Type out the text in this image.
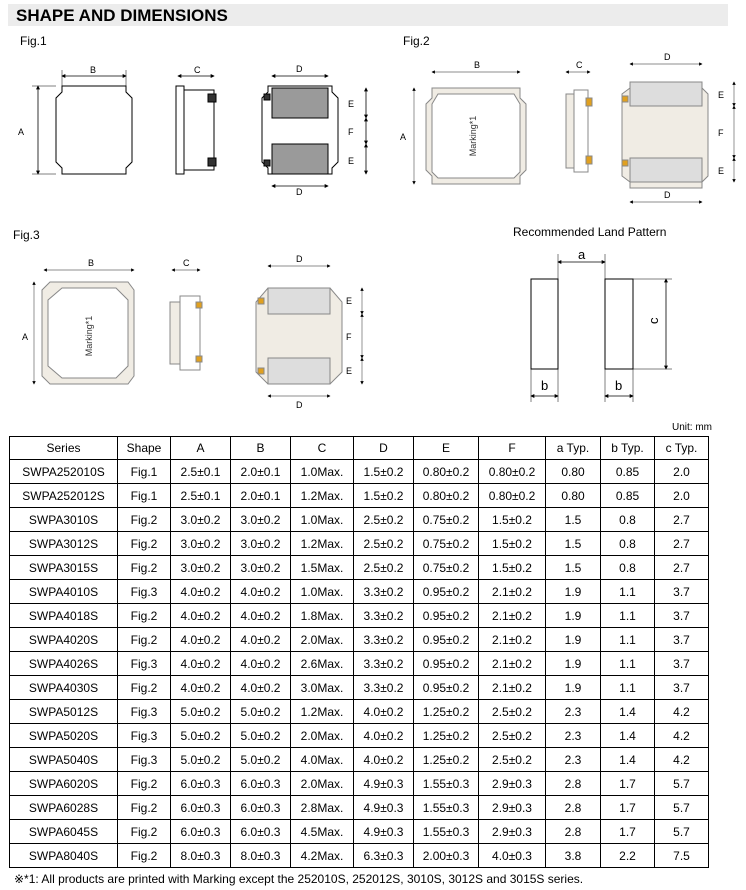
SHAPE AND DIMENSIONS
Fig.1	Fig.2
Fig.3	Recommended Land Pattern
B
A
C	D
D
E
F
E
Marking*1
B
A
C
D
D
E
F
E
Marking*1
B
A
C	D
D
E
F
E
a
c
b	b
Unit: mm
Series	Shape	A	B	C	D	E	F	a Typ.	b Typ.	c Typ.
SWPA252010S	Fig.1	2.5±0.1	2.0±0.1	1.0Max.	1.5±0.2	0.80±0.2	0.80±0.2	0.80	0.85	2.0
SWPA252012S	Fig.1	2.5±0.1	2.0±0.1	1.2Max.	1.5±0.2	0.80±0.2	0.80±0.2	0.80	0.85	2.0
SWPA3010S	Fig.2	3.0±0.2	3.0±0.2	1.0Max.	2.5±0.2	0.75±0.2	1.5±0.2	1.5	0.8	2.7
SWPA3012S	Fig.2	3.0±0.2	3.0±0.2	1.2Max.	2.5±0.2	0.75±0.2	1.5±0.2	1.5	0.8	2.7
SWPA3015S	Fig.2	3.0±0.2	3.0±0.2	1.5Max.	2.5±0.2	0.75±0.2	1.5±0.2	1.5	0.8	2.7
SWPA4010S	Fig.3	4.0±0.2	4.0±0.2	1.0Max.	3.3±0.2	0.95±0.2	2.1±0.2	1.9	1.1	3.7
SWPA4018S	Fig.2	4.0±0.2	4.0±0.2	1.8Max.	3.3±0.2	0.95±0.2	2.1±0.2	1.9	1.1	3.7
SWPA4020S	Fig.2	4.0±0.2	4.0±0.2	2.0Max.	3.3±0.2	0.95±0.2	2.1±0.2	1.9	1.1	3.7
SWPA4026S	Fig.3	4.0±0.2	4.0±0.2	2.6Max.	3.3±0.2	0.95±0.2	2.1±0.2	1.9	1.1	3.7
SWPA4030S	Fig.2	4.0±0.2	4.0±0.2	3.0Max.	3.3±0.2	0.95±0.2	2.1±0.2	1.9	1.1	3.7
SWPA5012S	Fig.3	5.0±0.2	5.0±0.2	1.2Max.	4.0±0.2	1.25±0.2	2.5±0.2	2.3	1.4	4.2
SWPA5020S	Fig.3	5.0±0.2	5.0±0.2	2.0Max.	4.0±0.2	1.25±0.2	2.5±0.2	2.3	1.4	4.2
SWPA5040S	Fig.3	5.0±0.2	5.0±0.2	4.0Max.	4.0±0.2	1.25±0.2	2.5±0.2	2.3	1.4	4.2
SWPA6020S	Fig.2	6.0±0.3	6.0±0.3	2.0Max.	4.9±0.3	1.55±0.3	2.9±0.3	2.8	1.7	5.7
SWPA6028S	Fig.2	6.0±0.3	6.0±0.3	2.8Max.	4.9±0.3	1.55±0.3	2.9±0.3	2.8	1.7	5.7
SWPA6045S	Fig.2	6.0±0.3	6.0±0.3	4.5Max.	4.9±0.3	1.55±0.3	2.9±0.3	2.8	1.7	5.7
SWPA8040S	Fig.2	8.0±0.3	8.0±0.3	4.2Max.	6.3±0.3	2.00±0.3	4.0±0.3	3.8	2.2	7.5
※*1: All products are printed with Marking except the 252010S, 252012S, 3010S, 3012S and 3015S series.
